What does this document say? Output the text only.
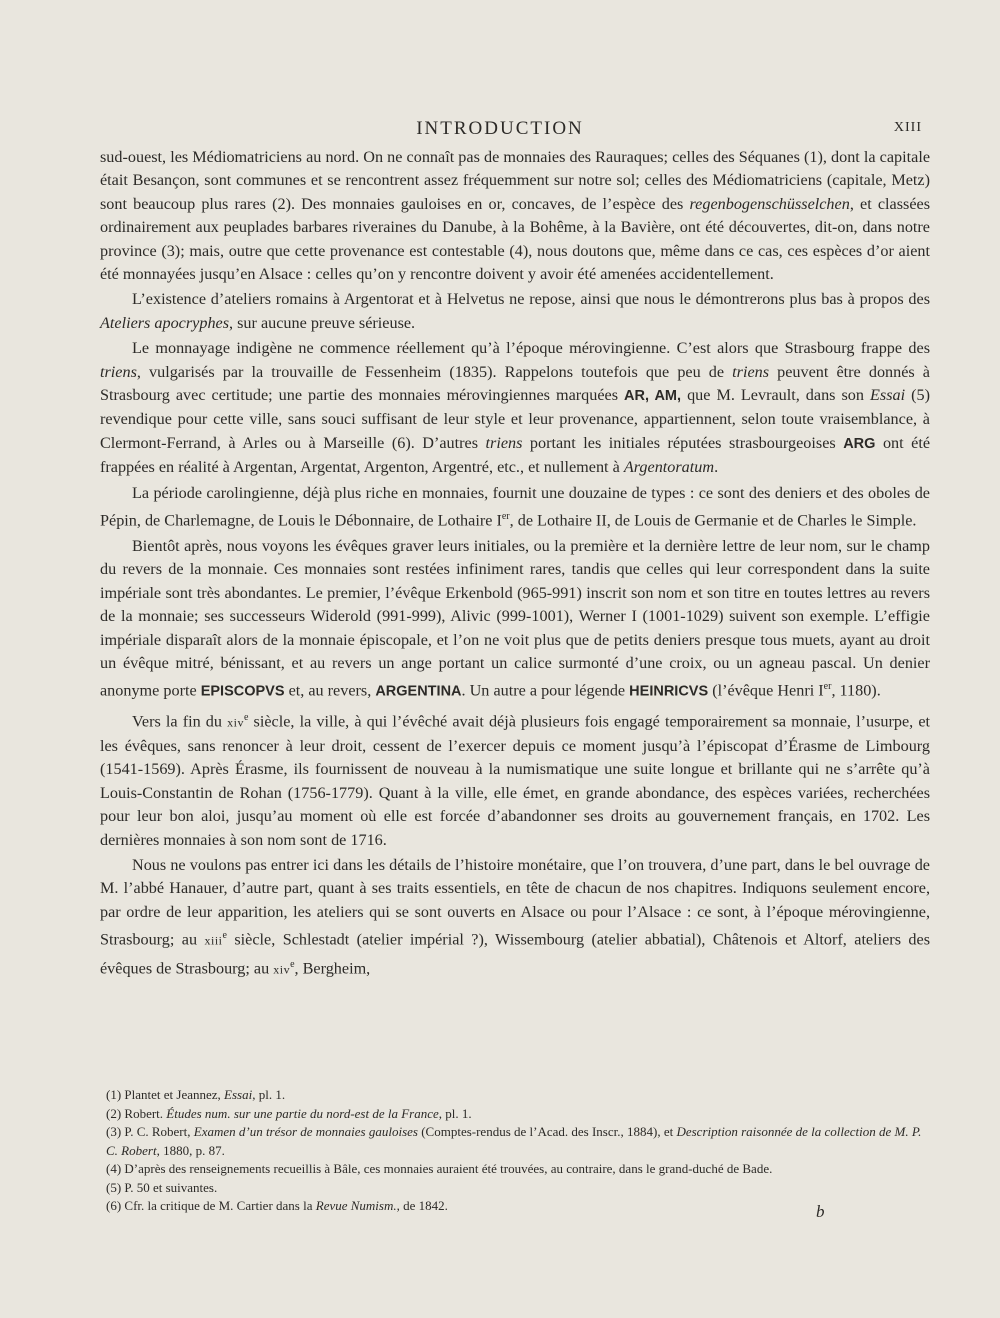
INTRODUCTION	XIII

sud-ouest, les Médiomatriciens au nord. On ne connaît pas de monnaies des Rauraques; celles des Séquanes (1), dont la capitale était Besançon, sont communes et se rencontrent assez fréquemment sur notre sol; celles des Médiomatriciens (capitale, Metz) sont beaucoup plus rares (2). Des monnaies gauloises en or, concaves, de l’espèce des regenbogenschüsselchen, et classées ordinairement aux peuplades barbares riveraines du Danube, à la Bohême, à la Bavière, ont été découvertes, dit-on, dans notre province (3); mais, outre que cette provenance est contestable (4), nous doutons que, même dans ce cas, ces espèces d’or aient été monnayées jusqu’en Alsace : celles qu’on y rencontre doivent y avoir été amenées accidentellement.

L’existence d’ateliers romains à Argentorat et à Helvetus ne repose, ainsi que nous le démontrerons plus bas à propos des Ateliers apocryphes, sur aucune preuve sérieuse.

Le monnayage indigène ne commence réellement qu’à l’époque mérovingienne. C’est alors que Strasbourg frappe des triens, vulgarisés par la trouvaille de Fessenheim (1835). Rappelons toutefois que peu de triens peuvent être donnés à Strasbourg avec certitude; une partie des monnaies mérovingiennes marquées AR, AM, que M. Levrault, dans son Essai (5) revendique pour cette ville, sans souci suffisant de leur style et leur provenance, appartiennent, selon toute vraisemblance, à Clermont-Ferrand, à Arles ou à Marseille (6). D’autres triens portant les initiales réputées strasbourgeoises ARG ont été frappées en réalité à Argentan, Argentat, Argenton, Argentré, etc., et nullement à Argentoratum.

La période carolingienne, déjà plus riche en monnaies, fournit une douzaine de types : ce sont des deniers et des oboles de Pépin, de Charlemagne, de Louis le Débonnaire, de Lothaire Ier, de Lothaire II, de Louis de Germanie et de Charles le Simple.

Bientôt après, nous voyons les évêques graver leurs initiales, ou la première et la dernière lettre de leur nom, sur le champ du revers de la monnaie. Ces monnaies sont restées infiniment rares, tandis que celles qui leur correspondent dans la suite impériale sont très abondantes. Le premier, l’évêque Erkenbold (965-991) inscrit son nom et son titre en toutes lettres au revers de la monnaie; ses successeurs Widerold (991-999), Alivic (999-1001), Werner I (1001-1029) suivent son exemple. L’effigie impériale disparaît alors de la monnaie épiscopale, et l’on ne voit plus que de petits deniers presque tous muets, ayant au droit un évêque mitré, bénissant, et au revers un ange portant un calice surmonté d’une croix, ou un agneau pascal. Un denier anonyme porte EPISCOPVS et, au revers, ARGENTINA. Un autre a pour légende HEINRICVS (l’évêque Henri Ier, 1180).

Vers la fin du xiv$^e$ siècle, la ville, à qui l’évêché avait déjà plusieurs fois engagé temporairement sa monnaie, l’usurpe, et les évêques, sans renoncer à leur droit, cessent de l’exercer depuis ce moment jusqu’à l’épiscopat d’Érasme de Limbourg (1541-1569). Après Érasme, ils fournissent de nouveau à la numismatique une suite longue et brillante qui ne s’arrête qu’à Louis-Constantin de Rohan (1756-1779). Quant à la ville, elle émet, en grande abondance, des espèces variées, recherchées pour leur bon aloi, jusqu’au moment où elle est forcée d’abandonner ses droits au gouvernement français, en 1702. Les dernières monnaies à son nom sont de 1716.

Nous ne voulons pas entrer ici dans les détails de l’histoire monétaire, que l’on trouvera, d’une part, dans le bel ouvrage de M. l’abbé Hanauer, d’autre part, quant à ses traits essentiels, en tête de chacun de nos chapitres. Indiquons seulement encore, par ordre de leur apparition, les ateliers qui se sont ouverts en Alsace ou pour l’Alsace : ce sont, à l’époque mérovingienne, Strasbourg; au xiii$^e$ siècle, Schlestadt (atelier impérial ?), Wissembourg (atelier abbatial), Châtenois et Altorf, ateliers des évêques de Strasbourg; au xiv$^e$, Bergheim,

(1) Plantet et Jeannez, Essai, pl. 1.

(2) Robert. Études num. sur une partie du nord-est de la France, pl. 1.

(3) P. C. Robert, Examen d’un trésor de monnaies gauloises (Comptes-rendus de l’Acad. des Inscr., 1884), et Description raisonnée de la collection de M. P. C. Robert, 1880, p. 87.

(4) D’après des renseignements recueillis à Bâle, ces monnaies auraient été trouvées, au contraire, dans le grand-duché de Bade.

(5) P. 50 et suivantes.

(6) Cfr. la critique de M. Cartier dans la Revue Numism., de 1842.	b
